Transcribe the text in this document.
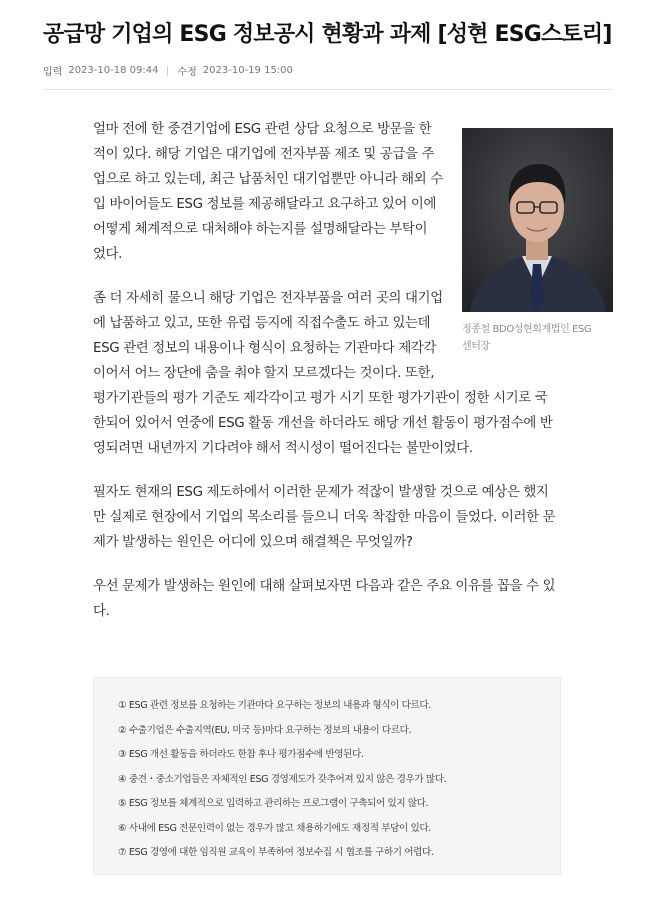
공급망 기업의 ESG 정보공시 현황과 과제 [성현 ESG스토리]
입력 2023-10-18 09:44 수정 2023-10-19 15:00
얼마 전에 한 중견기업에 ESG 관련 상담 요청으로 방문을 한
적이 있다. 해당 기업은 대기업에 전자부품 제조 및 공급을 주
업으로 하고 있는데, 최근 납품처인 대기업뿐만 아니라 해외 수
입 바이어들도 ESG 정보를 제공해달라고 요구하고 있어 이에
어떻게 체계적으로 대처해야 하는지를 설명해달라는 부탁이
었다.
좀 더 자세히 물으니 해당 기업은 전자부품을 여러 곳의 대기업
에 납품하고 있고, 또한 유럽 등지에 직접수출도 하고 있는데
ESG 관련 정보의 내용이나 형식이 요청하는 기관마다 제각각
이어서 어느 장단에 춤을 춰야 할지 모르겠다는 것이다. 또한,
평가기관들의 평가 기준도 제각각이고 평가 시기 또한 평가기관이 정한 시기로 국
한되어 있어서 연중에 ESG 활동 개선을 하더라도 해당 개선 활동이 평가점수에 반
영되려면 내년까지 기다려야 해서 적시성이 떨어진다는 불만이었다.
필자도 현재의 ESG 제도하에서 이러한 문제가 적잖이 발생할 것으로 예상은 했지
만 실제로 현장에서 기업의 목소리를 들으니 더욱 착잡한 마음이 들었다. 이러한 문
제가 발생하는 원인은 어디에 있으며 해결책은 무엇일까?
우선 문제가 발생하는 원인에 대해 살펴보자면 다음과 같은 주요 이유를 꼽을 수 있
다.
정종철 BDO성현회계법인 ESG
센터장
① ESG 관련 정보를 요청하는 기관마다 요구하는 정보의 내용과 형식이 다르다.
② 수출기업은 수출지역(EU, 미국 등)마다 요구하는 정보의 내용이 다르다.
③ ESG 개선 활동을 하더라도 한참 후나 평가점수에 반영된다.
④ 중견・중소기업들은 자체적인 ESG 경영제도가 갖추어져 있지 않은 경우가 많다.
⑤ ESG 정보를 체계적으로 입력하고 관리하는 프로그램이 구축되어 있지 않다.
⑥ 사내에 ESG 전문인력이 없는 경우가 많고 채용하기에도 재정적 부담이 있다.
⑦ ESG 경영에 대한 임직원 교육이 부족하여 정보수집 시 협조를 구하기 어렵다.
